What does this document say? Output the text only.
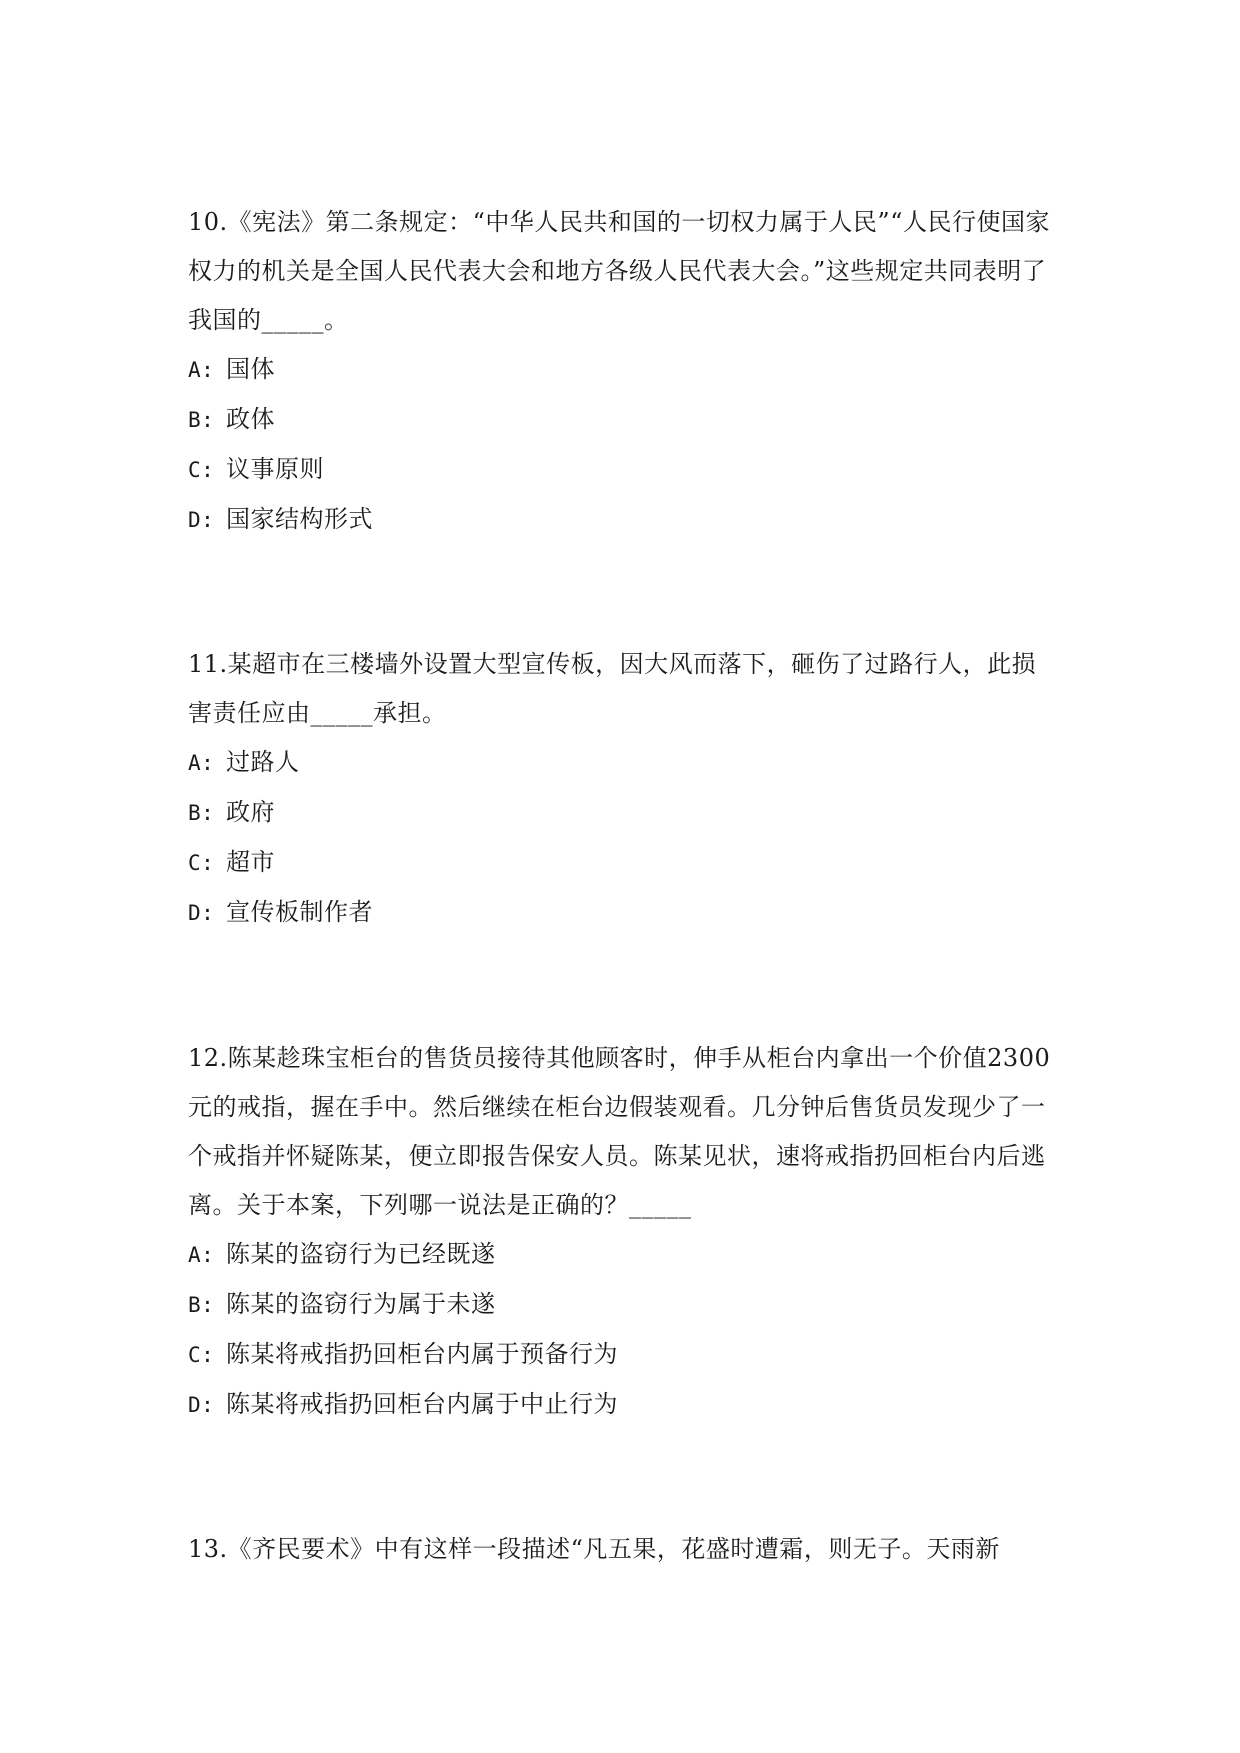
10.《宪法》第二条规定：“中华人民共和国的一切权力属于人民”“人民行使国家权力的机关是全国人民代表大会和地方各级人民代表大会。”这些规定共同表明了我国的_____。

A: 国体
B: 政体
C: 议事原则
D: 国家结构形式

11.某超市在三楼墙外设置大型宣传板，因大风而落下，砸伤了过路行人，此损害责任应由_____承担。

A: 过路人
B: 政府
C: 超市
D: 宣传板制作者

12.陈某趁珠宝柜台的售货员接待其他顾客时，伸手从柜台内拿出一个价值2300元的戒指，握在手中。然后继续在柜台边假装观看。几分钟后售货员发现少了一个戒指并怀疑陈某，便立即报告保安人员。陈某见状，速将戒指扔回柜台内后逃离。关于本案，下列哪一说法是正确的？_____

A: 陈某的盗窃行为已经既遂
B: 陈某的盗窃行为属于未遂
C: 陈某将戒指扔回柜台内属于预备行为
D: 陈某将戒指扔回柜台内属于中止行为

13.《齐民要术》中有这样一段描述“凡五果，花盛时遭霜，则无子。天雨新
